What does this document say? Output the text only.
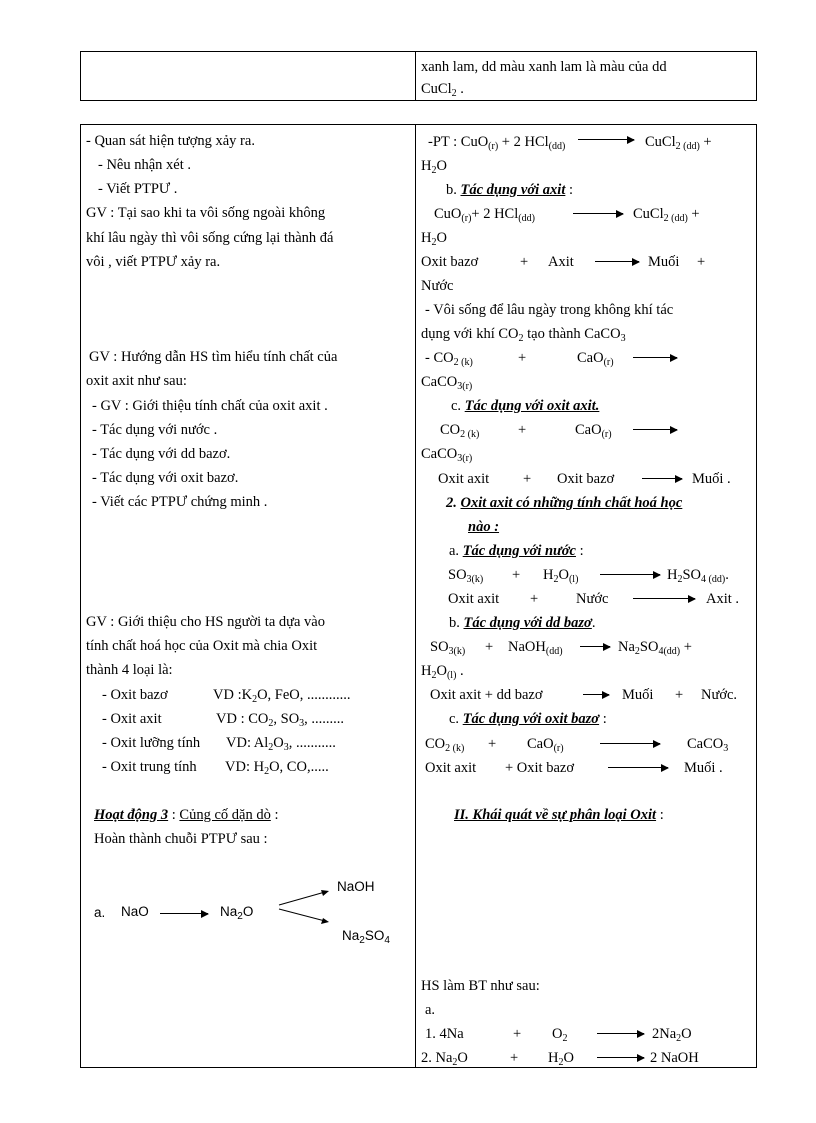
xanh lam, dd màu xanh lam là màu của dd
CuCl$_2$ .
- Quan sát hiện tượng xảy ra.
- Nêu nhận xét .
- Viết PTPƯ .
GV : Tại sao khi ta vôi sống ngoài không
khí lâu ngày thì vôi sống cứng lại thành đá
vôi , viết PTPƯ xảy ra.
GV : Hướng dẫn HS tìm hiểu tính chất của
oxit axit như sau:
- GV : Giới thiệu tính chất của oxit axit .
- Tác dụng với nước .
- Tác dụng với dd bazơ.
- Tác dụng với oxit bazơ.
- Viết các PTPƯ chứng minh .
GV : Giới thiệu cho HS người ta dựa vào
tính chất hoá học của Oxit mà chia Oxit
thành 4 loại là:
- Oxit bazơ	VD $:K_2O$, FeO, ............
- Oxit axit	VD : $CO_2$, $SO_3$, .........
- Oxit lưỡng tính VD: $Al_2O_3$, ...........
- Oxit trung tính VD: $H_2O$, CO,.....
Hoạt động 3 : Củng cố dặn dò :
Hoàn thành chuỗi PTPƯ sau :
a. NaO	$Na_2O$
NaOH
$Na_2SO_4$
-PT : CuO$_{(r)}$ + 2 HCl$_{(dd)}$	CuCl$_{2 (dd)}$ +
$H_2O$
b. Tác dụng với axit :
CuO$_{(r)}$+ 2 HCl$_{(dd)}$	CuCl$_{2 (dd)}$ +
$H_2O$
Oxit bazơ	+ Axit	Muối +
Nước
- Vôi sống để lâu ngày trong không khí tác
dụng với khí $CO_2$ tạo thành CaCO$_3$
- $CO_{2 (k)}$	+	CaO$_{(r)}$
CaCO$_{3(r)}$
c. Tác dụng với oxit axit.
$CO_{2 (k)}$	+	CaO$_{(r)}$
CaCO$_{3(r)}$
Oxit axit + Oxit bazơ	Muối .
2. Oxit axit có những tính chất hoá học
nào :
a. Tác dụng với nước :
$SO_{3(k)} + H_2O_{(l)}$	$H_2SO_{4 (dd)}$.
Oxit axit +	Nước	Axit .
b. Tác dụng với dd bazơ.
$SO_{3(k)}$ + NaOH$_{(dd)}$	$Na_2SO_{4(dd)}$ +
$H_2O_{(l)}$ .
Oxit axit + dd bazơ	Muối + Nước.
c. Tác dụng với oxit bazơ :
$CO_{2 (k)} + CaO_{(r)}$	CaCO$_3$
Oxit axit + Oxit bazơ	Muối .
II. Khái quát về sự phân loại Oxit :
HS làm BT như sau:
a.
1. 4Na	+ $O_2$	$2Na_2O$
2. $Na_2O$	+ $H_2O$	2 NaOH
